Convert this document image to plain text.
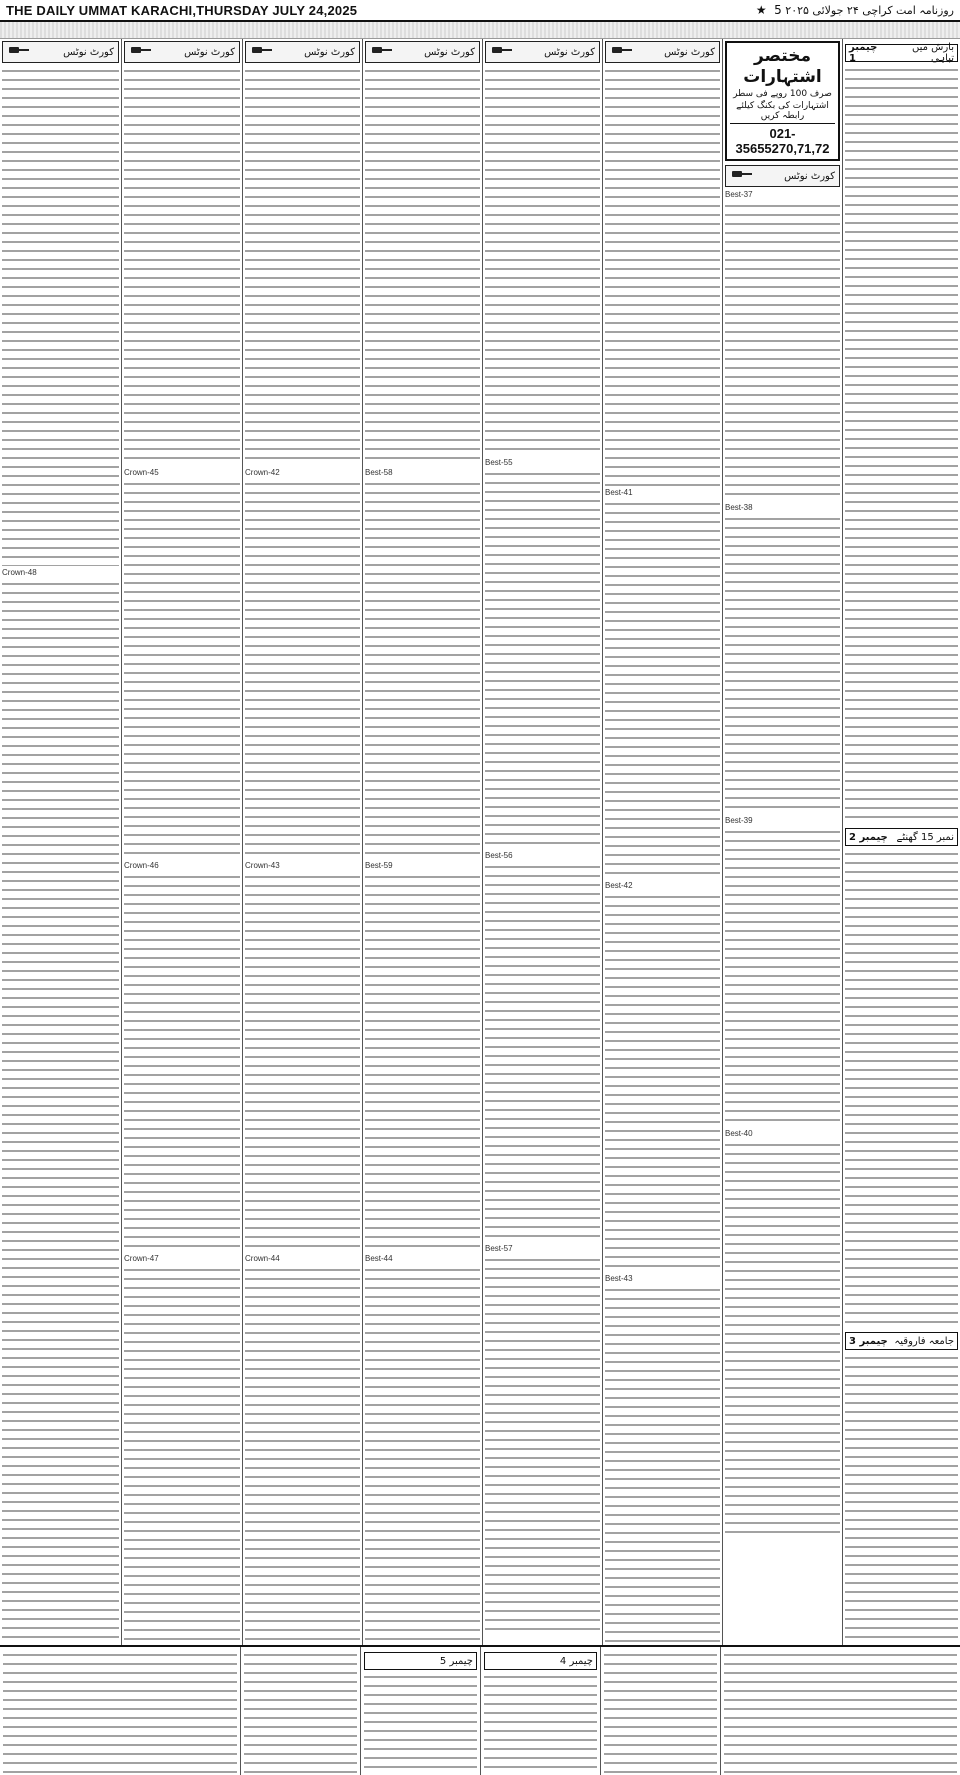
THE DAILY UMMAT KARACHI,THURSDAY JULY 24,2025	روزنامہ امت کراچی ۲۴ جولائی ۲۰۲۵ 5 ★
چیمبر 1
بارش میں تباہی
چیمبر 2 نمبر 15 گھنٹے
چیمبر 3 جامعہ فاروقیہ
مختصر اشتہارات
صرف 100 روپے فی سطر
اشتہارات کی بکنگ کیلئے رابطہ کریں
021-35655270,71,72
کورٹ نوٹس
Best-37
Best-38
Best-39
Best-40
کورٹ نوٹس
Best-41
Best-42
Best-43
کورٹ نوٹس
Best-55
Best-56
Best-57
کورٹ نوٹس
Best-58
Best-59
Best-44
کورٹ نوٹس
Crown-42
Crown-43
Crown-44
کورٹ نوٹس
Crown-45
Crown-46
Crown-47
کورٹ نوٹس
Crown-48
چیمبر 4
چیمبر 5
